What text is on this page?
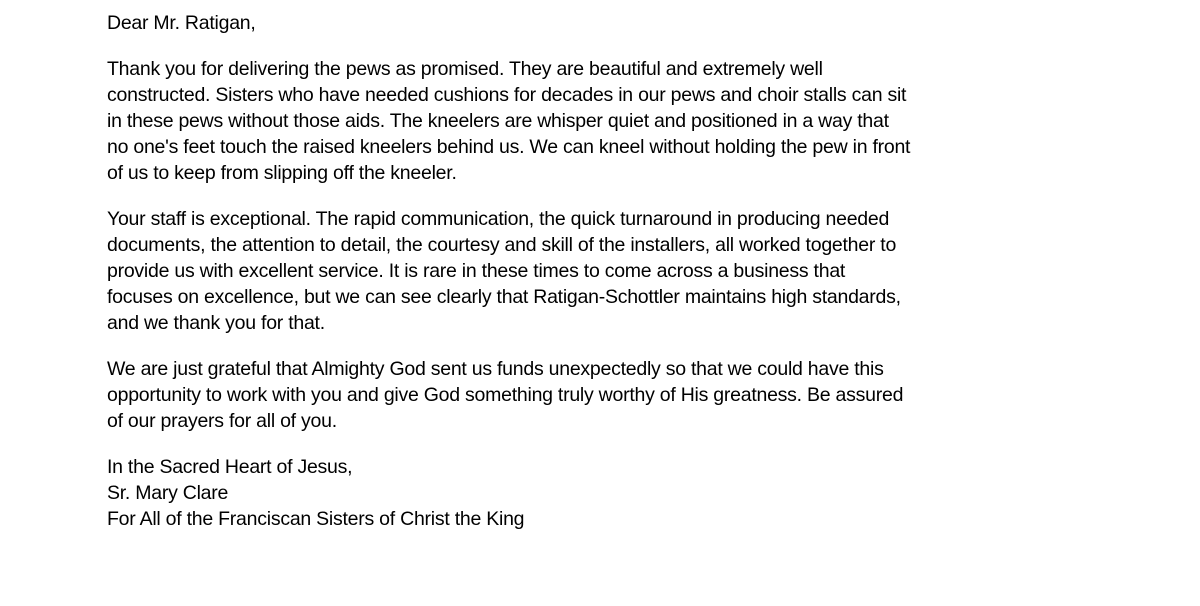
Dear Mr. Ratigan,
Thank you for delivering the pews as promised. They are beautiful and extremely well
constructed. Sisters who have needed cushions for decades in our pews and choir stalls can sit
in these pews without those aids. The kneelers are whisper quiet and positioned in a way that
no one's feet touch the raised kneelers behind us. We can kneel without holding the pew in front
of us to keep from slipping off the kneeler.
Your staff is exceptional. The rapid communication, the quick turnaround in producing needed
documents, the attention to detail, the courtesy and skill of the installers, all worked together to
provide us with excellent service. It is rare in these times to come across a business that
focuses on excellence, but we can see clearly that Ratigan-Schottler maintains high standards,
and we thank you for that.
We are just grateful that Almighty God sent us funds unexpectedly so that we could have this
opportunity to work with you and give God something truly worthy of His greatness. Be assured
of our prayers for all of you.
In the Sacred Heart of Jesus,
Sr. Mary Clare
For All of the Franciscan Sisters of Christ the King
